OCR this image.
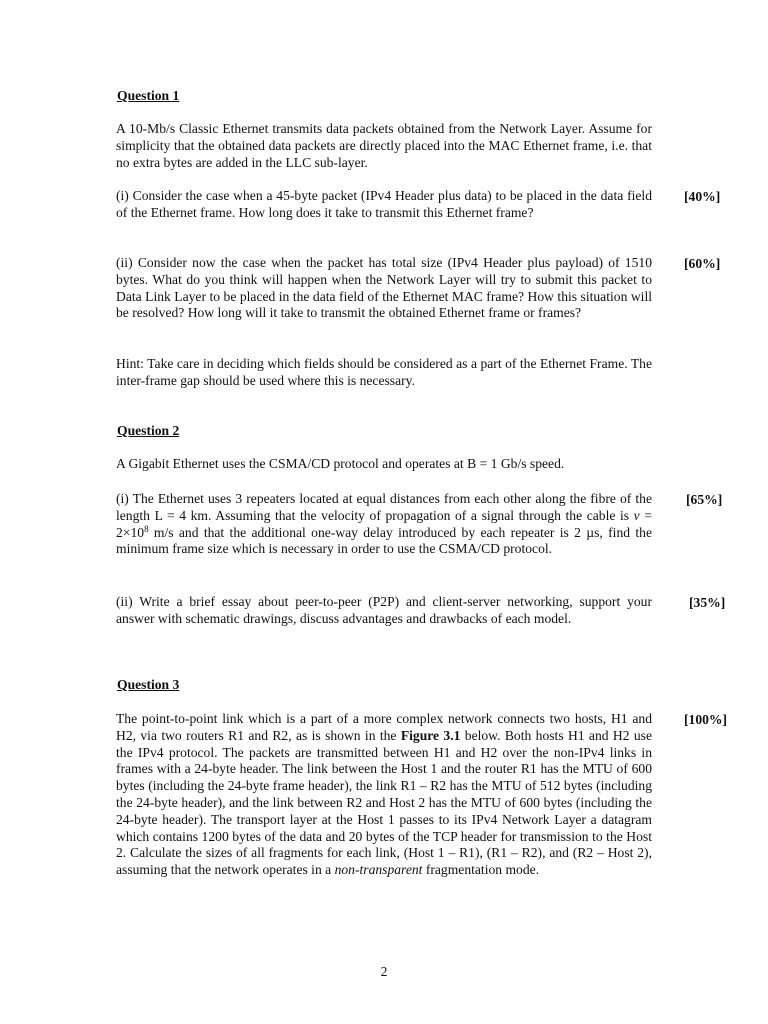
Question 1

A 10-Mb/s Classic Ethernet transmits data packets obtained from the Network Layer. Assume for simplicity that the obtained data packets are directly placed into the MAC Ethernet frame, i.e. that no extra bytes are added in the LLC sub-layer.

(i) Consider the case when a 45-byte packet (IPv4 Header plus data) to be placed in the data field of the Ethernet frame. How long does it take to transmit this Ethernet frame?

[40%]

(ii) Consider now the case when the packet has total size (IPv4 Header plus payload) of 1510 bytes. What do you think will happen when the Network Layer will try to submit this packet to Data Link Layer to be placed in the data field of the Ethernet MAC frame? How this situation will be resolved? How long will it take to transmit the obtained Ethernet frame or frames?

[60%]

Hint: Take care in deciding which fields should be considered as a part of the Ethernet Frame. The inter-frame gap should be used where this is necessary.

Question 2

A Gigabit Ethernet uses the CSMA/CD protocol and operates at B = 1 Gb/s speed.

(i) The Ethernet uses 3 repeaters located at equal distances from each other along the fibre of the length L = 4 km. Assuming that the velocity of propagation of a signal through the cable is $v = 2\times 10^8$ m/s and that the additional one-way delay introduced by each repeater is 2 µs, find the minimum frame size which is necessary in order to use the CSMA/CD protocol.

[65%]

(ii) Write a brief essay about peer-to-peer (P2P) and client-server networking, support your answer with schematic drawings, discuss advantages and drawbacks of each model.

[35%]

Question 3

The point-to-point link which is a part of a more complex network connects two hosts, H1 and H2, via two routers R1 and R2, as is shown in the Figure 3.1 below. Both hosts H1 and H2 use the IPv4 protocol. The packets are transmitted between H1 and H2 over the non-IPv4 links in frames with a 24-byte header. The link between the Host 1 and the router R1 has the MTU of 600 bytes (including the 24-byte frame header), the link R1 – R2 has the MTU of 512 bytes (including the 24-byte header), and the link between R2 and Host 2 has the MTU of 600 bytes (including the 24-byte header). The transport layer at the Host 1 passes to its IPv4 Network Layer a datagram which contains 1200 bytes of the data and 20 bytes of the TCP header for transmission to the Host 2. Calculate the sizes of all fragments for each link, (Host 1 – R1), (R1 – R2), and (R2 – Host 2), assuming that the network operates in a non-transparent fragmentation mode.

[100%]
2
